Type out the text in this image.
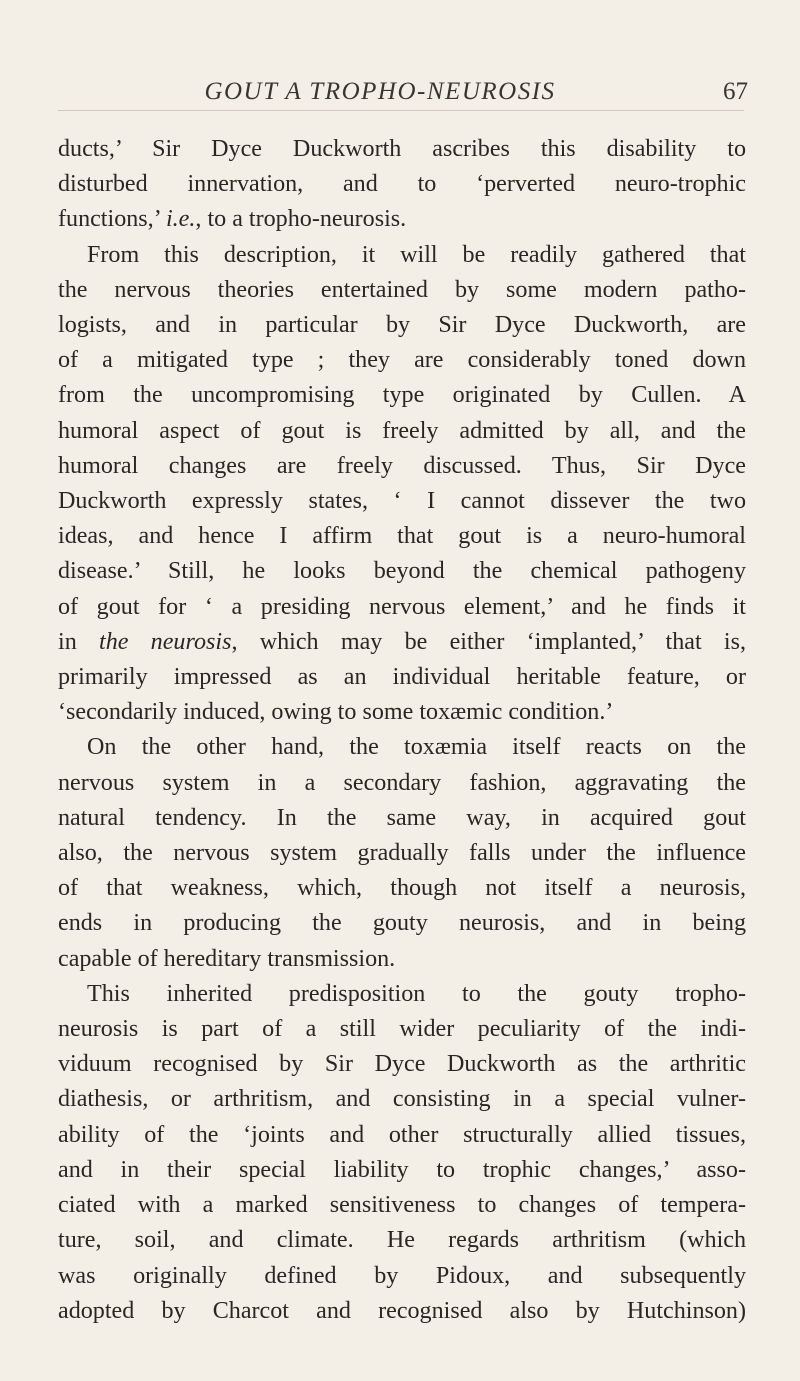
GOUT A TROPHO-NEUROSIS	67
ducts,’ Sir Dyce Duckworth ascribes this disability to
disturbed innervation, and to ‘perverted neuro-trophic
functions,’ i.e., to a tropho-neurosis.
From this description, it will be readily gathered that
the nervous theories entertained by some modern patho-
logists, and in particular by Sir Dyce Duckworth, are
of a mitigated type ; they are considerably toned down
from the uncompromising type originated by Cullen. A
humoral aspect of gout is freely admitted by all, and the
humoral changes are freely discussed. Thus, Sir Dyce
Duckworth expressly states, ‘ I cannot dissever the two
ideas, and hence I affirm that gout is a neuro-humoral
disease.’ Still, he looks beyond the chemical pathogeny
of gout for ‘ a presiding nervous element,’ and he finds it
in the neurosis, which may be either ‘implanted,’ that is,
primarily impressed as an individual heritable feature, or
‘secondarily induced, owing to some toxæmic condition.’
On the other hand, the toxæmia itself reacts on the
nervous system in a secondary fashion, aggravating the
natural tendency. In the same way, in acquired gout
also, the nervous system gradually falls under the influence
of that weakness, which, though not itself a neurosis,
ends in producing the gouty neurosis, and in being
capable of hereditary transmission.
This inherited predisposition to the gouty tropho-
neurosis is part of a still wider peculiarity of the indi-
viduum recognised by Sir Dyce Duckworth as the arthritic
diathesis, or arthritism, and consisting in a special vulner-
ability of the ‘joints and other structurally allied tissues,
and in their special liability to trophic changes,’ asso-
ciated with a marked sensitiveness to changes of tempera-
ture, soil, and climate. He regards arthritism (which
was originally defined by Pidoux, and subsequently
adopted by Charcot and recognised also by Hutchinson)
